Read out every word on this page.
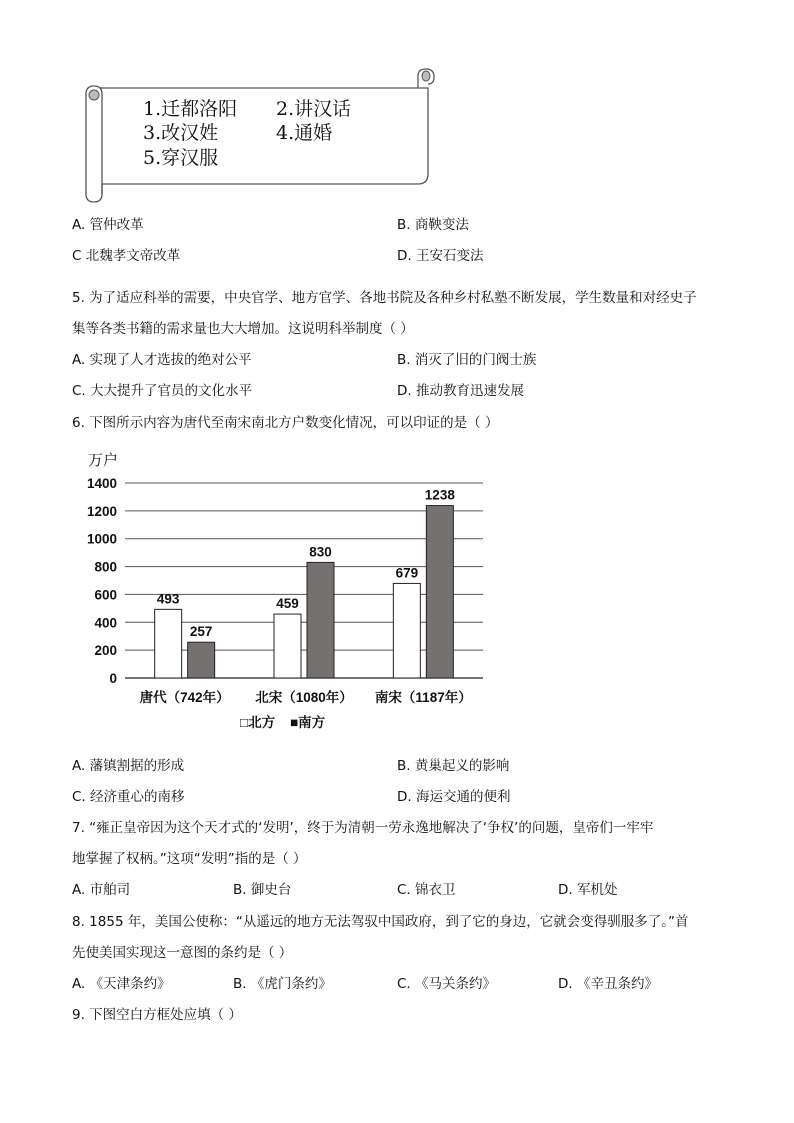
1.迁都洛阳 2.讲汉话
3.改汉姓	4.通婚
5.穿汉服
A. 管仲改革	B. 商鞅变法
C 北魏孝文帝改革	D. 王安石变法
5. 为了适应科举的需要，中央官学、地方官学、各地书院及各种乡村私塾不断发展，学生数量和对经史子
集等各类书籍的需求量也大大增加。这说明科举制度（ ）
A. 实现了人才选拔的绝对公平	B. 消灭了旧的门阀士族
C. 大大提升了官员的文化水平	D. 推动教育迅速发展
6. 下图所示内容为唐代至南宋南北方户数变化情况，可以印证的是（ ）
万户
0
200
400
600
800
1000
1200
1400
493
257
唐代（742年）
459
830
北宋（1080年）
679
1238
南宋（1187年）
□北方 ■南方
A. 藩镇割据的形成	B. 黄巢起义的影响
C. 经济重心的南移	D. 海运交通的便利
7. “雍正皇帝因为这个天才式的‘发明’，终于为清朝一劳永逸地解决了‘争权’的问题，皇帝们一牢牢
地掌握了权柄。”这项“发明”指的是（ ）
A. 市舶司	B. 御史台	C. 锦衣卫	D. 军机处
8. 1855 年，美国公使称：“从遥远的地方无法驾驭中国政府，到了它的身边，它就会变得驯服多了。”首
先使美国实现这一意图的条约是（ ）
A. 《天津条约》	B. 《虎门条约》	C. 《马关条约》	D. 《辛丑条约》
9. 下图空白方框处应填（ ）
